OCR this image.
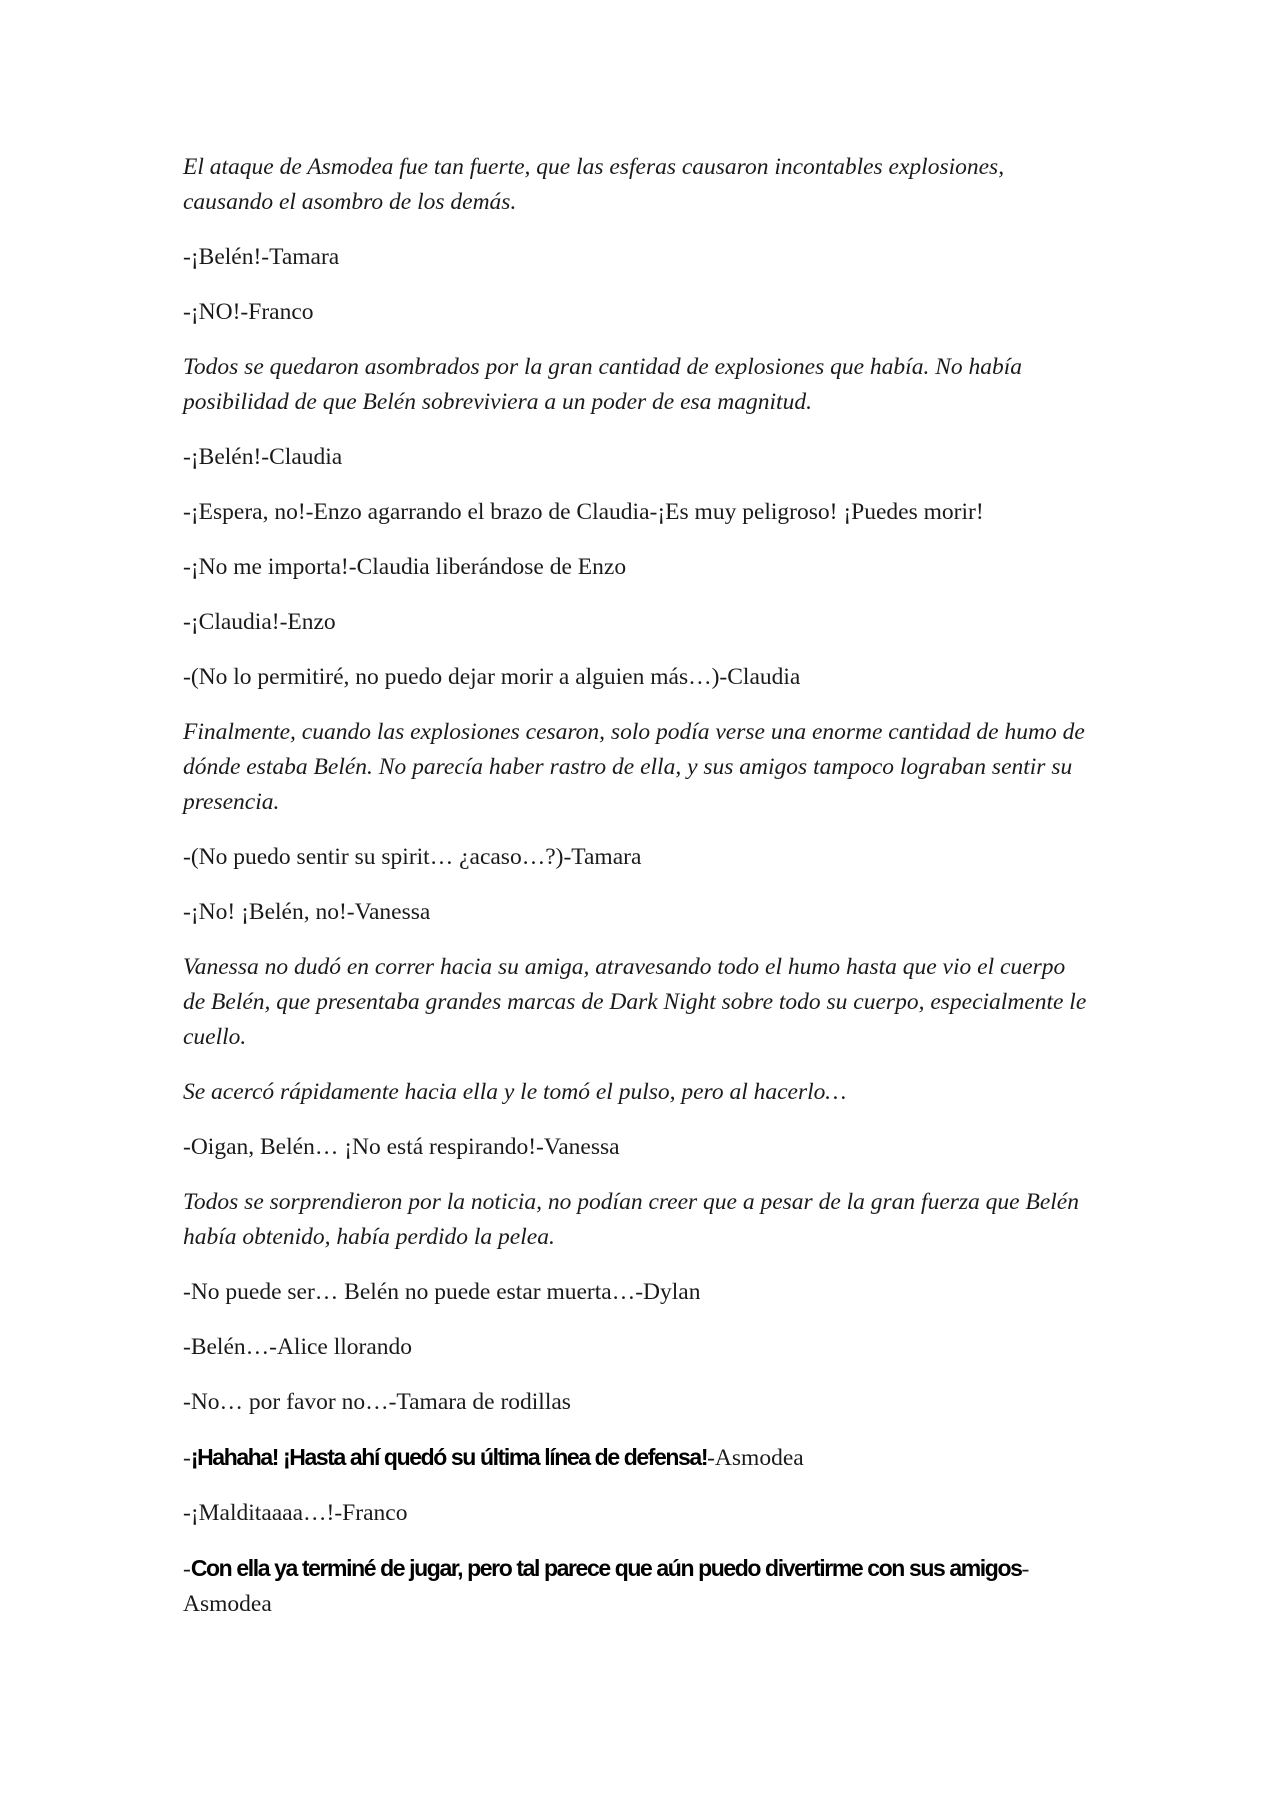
El ataque de Asmodea fue tan fuerte, que las esferas causaron incontables explosiones, causando el asombro de los demás.

-¡Belén!-Tamara

-¡NO!-Franco

Todos se quedaron asombrados por la gran cantidad de explosiones que había. No había posibilidad de que Belén sobreviviera a un poder de esa magnitud.

-¡Belén!-Claudia

-¡Espera, no!-Enzo agarrando el brazo de Claudia-¡Es muy peligroso! ¡Puedes morir!

-¡No me importa!-Claudia liberándose de Enzo

-¡Claudia!-Enzo

-(No lo permitiré, no puedo dejar morir a alguien más…)-Claudia

Finalmente, cuando las explosiones cesaron, solo podía verse una enorme cantidad de humo de dónde estaba Belén. No parecía haber rastro de ella, y sus amigos tampoco lograban sentir su presencia.

-(No puedo sentir su spirit… ¿acaso…?)-Tamara

-¡No! ¡Belén, no!-Vanessa

Vanessa no dudó en correr hacia su amiga, atravesando todo el humo hasta que vio el cuerpo de Belén, que presentaba grandes marcas de Dark Night sobre todo su cuerpo, especialmente le cuello.

Se acercó rápidamente hacia ella y le tomó el pulso, pero al hacerlo…

-Oigan, Belén… ¡No está respirando!-Vanessa

Todos se sorprendieron por la noticia, no podían creer que a pesar de la gran fuerza que Belén había obtenido, había perdido la pelea.

-No puede ser… Belén no puede estar muerta…-Dylan

-Belén…-Alice llorando

-No… por favor no…-Tamara de rodillas

-¡Hahaha! ¡Hasta ahí quedó su última línea de defensa!-Asmodea

-¡Malditaaaa…!-Franco

-Con ella ya terminé de jugar, pero tal parece que aún puedo divertirme con sus amigos-Asmodea
